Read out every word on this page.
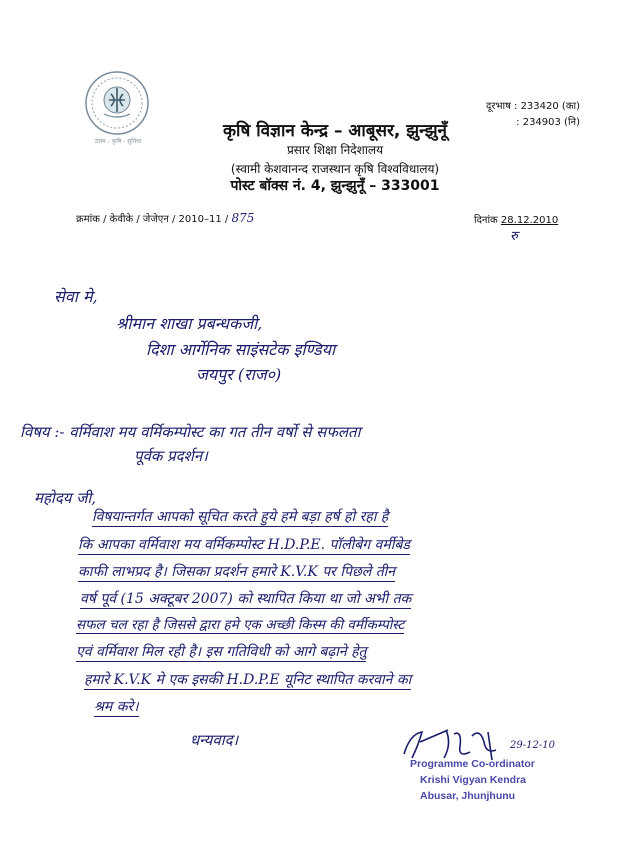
उत्तम - कृषि - सुविधा
दूरभाष : 233420 (का)
: 234903 (नि)
कृषि विज्ञान केन्द्र – आबूसर, झुन्झुनूँ
प्रसार शिक्षा निदेशालय
(स्वामी केशवानन्द राजस्थान कृषि विश्वविधालय)
पोस्ट बॉक्स नं. 4, झुन्झुनूँ – 333001
क्रमांक / केवीके / जेजेएन / 2010–11 / 875	दिनांक 28.12.2010
रु
सेवा मे,
श्रीमान शाखा प्रबन्धकजी,
दिशा आर्गेनिक साइंसटेक इण्डिया
जयपुर (राज०)
विषय :- वर्मिवाश मय वर्मिकम्पोस्ट का गत तीन वर्षो से सफलता
पूर्वक प्रदर्शन।
महोदय जी,
विषयान्तर्गत आपको सूचित करते हुये हमे बड़ा हर्ष हो रहा है
कि आपका वर्मिवाश मय वर्मिकम्पोस्ट H.D.P.E. पॉलीबेग वर्मीबेड
काफी लाभप्रद है। जिसका प्रदर्शन हमारे K.V.K पर पिछले तीन
वर्ष पूर्व (15 अक्टूबर 2007) को स्थापित किया था जो अभी तक
सफल चल रहा है जिससे द्वारा हमे एक अच्छी किस्म की वर्मीकम्पोस्ट
एवं वर्मिवाश मिल रही है। इस गतिविधी को आगे बढ़ाने हेतु
हमारे K.V.K मे एक इसकी H.D.P.E यूनिट स्थापित करवाने का
श्रम करे।
धन्यवाद।	29-12-10
Programme Co-ordinator
Krishi Vigyan Kendra
Abusar, Jhunjhunu
